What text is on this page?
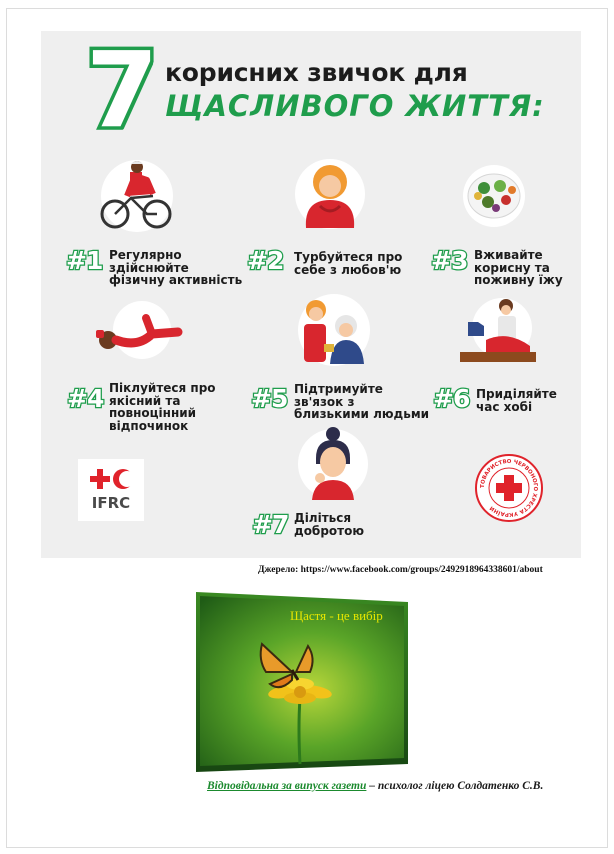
7 корисних звичок для
ЩАСЛИВОГО ЖИТТЯ:
#1 Регулярно
здійснюйте
фізичну активність
#2 Турбуйтеся про
себе з любов'ю #3 Вживайте
корисну та
поживну їжу
#4 Піклуйтеся про
якісний та
повноцінний
відпочинок
#5 Підтримуйте
зв'язок з
близькими людьми
#6 Приділяйте
час хобі
#7 Діліться
добротою
IFRC
ТОВАРИСТВО ЧЕРВОНОГО ХРЕСТА УКРАЇНИ
Джерело: https://www.facebook.com/groups/2492918964338601/about
Щастя - це вибір
Відповідальна за випуск газети – психолог ліцею Солдатенко С.В.
